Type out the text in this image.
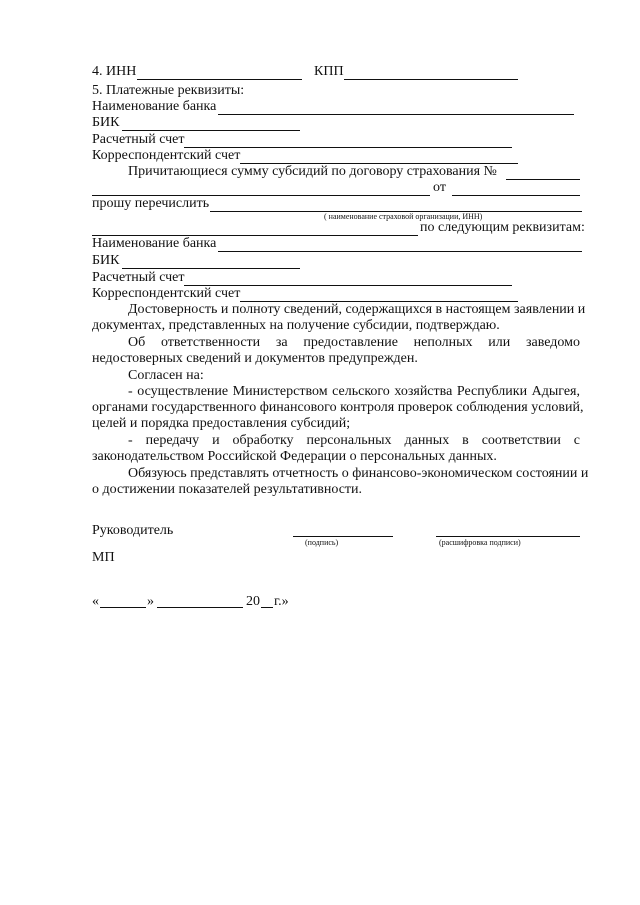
4. ИНН	КПП
5. Платежные реквизиты:
Наименование банка
БИК
Расчетный счет
Корреспондентский счет
Причитающиеся сумму субсидий по договору страхования №
от
прошу перечислить
( наименование страховой организации, ИНН)
по следующим реквизитам:
Наименование банка
БИК
Расчетный счет
Корреспондентский счет
Достоверность и полноту сведений, содержащихся в настоящем заявлении и
документах, представленных на получение субсидии, подтверждаю.
Об ответственности за предоставление неполных или заведомо
недостоверных сведений и документов предупрежден.
Согласен на:
- осуществление Министерством сельского хозяйства Республики Адыгея,
органами государственного финансового контроля проверок соблюдения условий,
целей и порядка предоставления субсидий;
- передачу и обработку персональных данных в соответствии с
законодательством Российской Федерации о персональных данных.
Обязуюсь представлять отчетность о финансово-экономическом состоянии и
о достижении показателей результативности.
Руководитель
(подпись)	(расшифровка подписи)
МП
«	»	20 г.»
